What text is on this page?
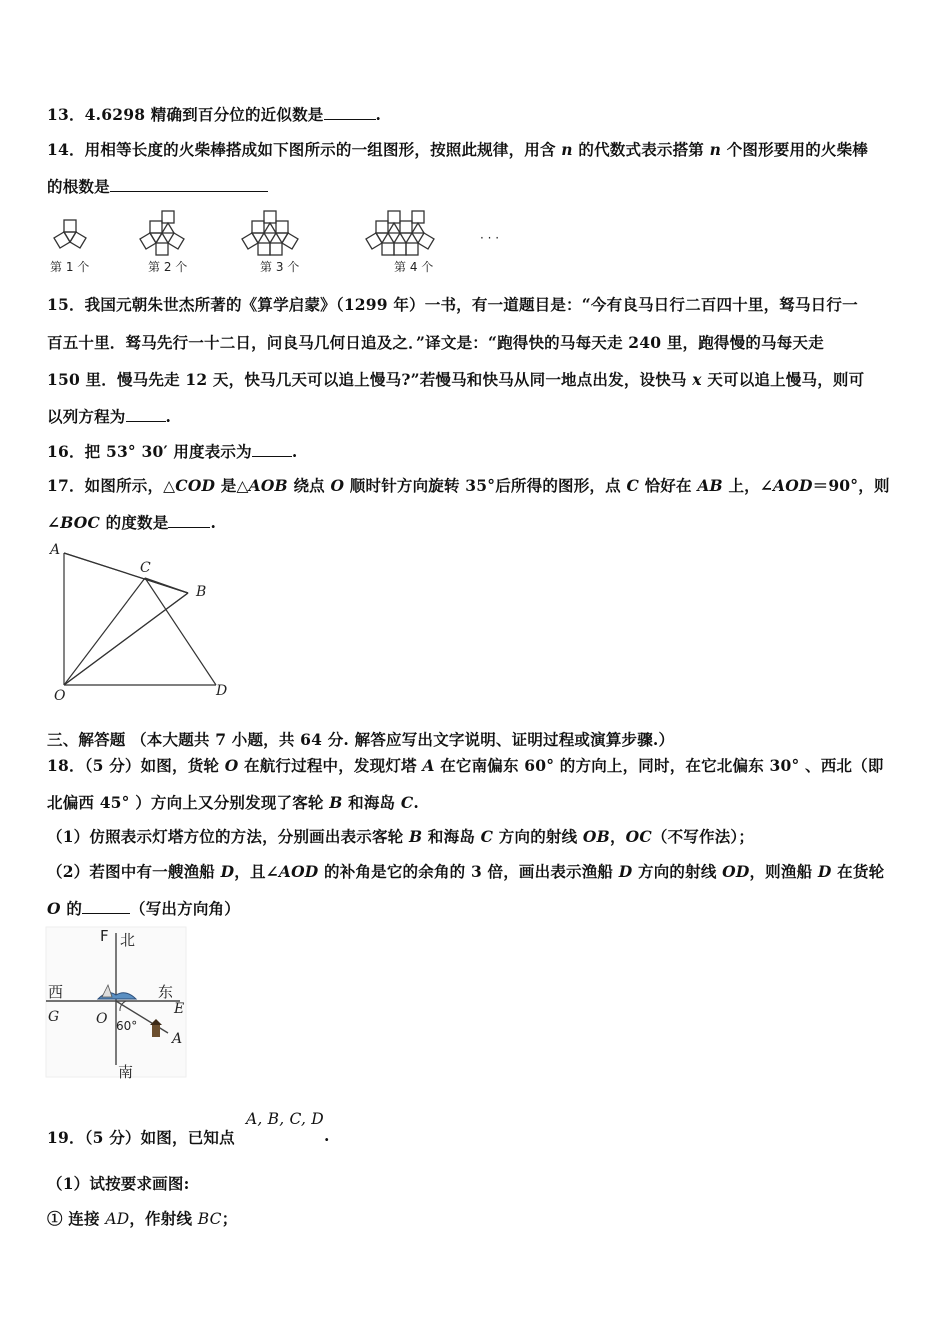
13．4.6298 精确到百分位的近似数是	.
14．用相等长度的火柴棒搭成如下图所示的一组图形，按照此规律，用含 n 的代数式表示搭第 n 个图形要用的火柴棒
的根数是
第 1 个	第 2 个	第 3 个	第 4 个
· · ·
15．我国元朝朱世杰所著的《算学启蒙》（1299 年）一书，有一道题目是：“今有良马日行二百四十里，驽马日行一
百五十里．驽马先行一十二日，问良马几何日追及之．”译文是：“跑得快的马每天走 240 里，跑得慢的马每天走
150 里．慢马先走 12 天，快马几天可以追上慢马?”若慢马和快马从同一地点出发，设快马 x 天可以追上慢马，则可
以列方程为	.
16．把 53° 30′ 用度表示为	.
17．如图所示，△COD 是△AOB 绕点 O 顺时针方向旋转 35°后所得的图形，点 C 恰好在 AB 上，∠AOD＝90°，则
∠BOC 的度数是	.
A
C
B
O	D
三、解答题 （本大题共 7 小题，共 64 分. 解答应写出文字说明、证明过程或演算步骤.）
18．（5 分）如图，货轮 O 在航行过程中，发现灯塔 A 在它南偏东 60° 的方向上，同时，在它北偏东 30° 、西北（即
北偏西 45° ）方向上又分别发现了客轮 B 和海岛 C.
（1）仿照表示灯塔方位的方法，分别画出表示客轮 B 和海岛 C 方向的射线 OB，OC（不写作法）；
（2）若图中有一艘渔船 D，且∠AOD 的补角是它的余角的 3 倍，画出表示渔船 D 方向的射线 OD，则渔船 D 在货轮
O 的	（写出方向角）
F 北
西	东
G	E
O 60°
A
南
19．（5 分）如图，已知点
A, B, C, D
.
（1）试按要求画图:
① 连接 AD，作射线 BC；
